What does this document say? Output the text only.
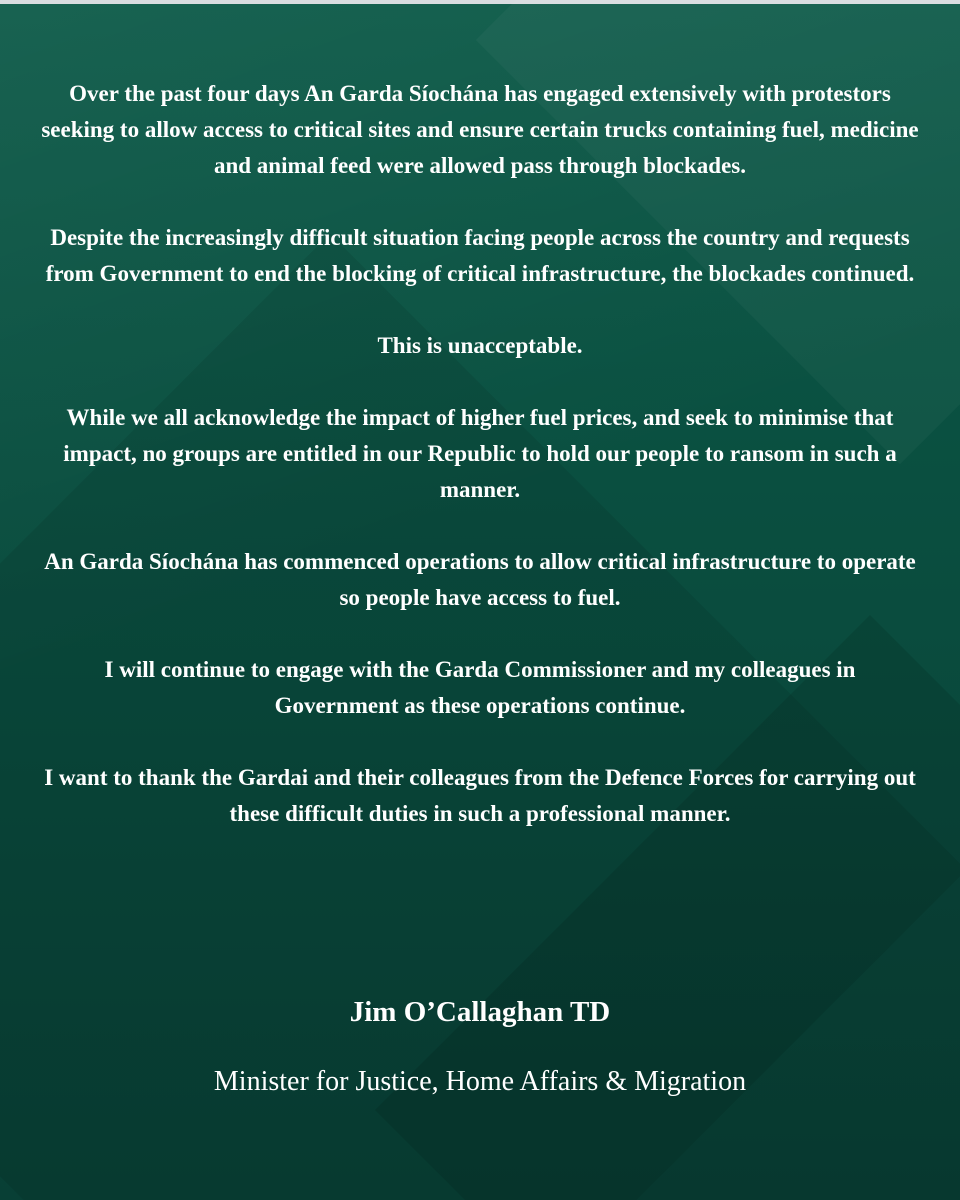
Over the past four days An Garda Síochána has engaged extensively with protestors seeking to allow access to critical sites and ensure certain trucks containing fuel, medicine and animal feed were allowed pass through blockades.

Despite the increasingly difficult situation facing people across the country and requests from Government to end the blocking of critical infrastructure, the blockades continued.

This is unacceptable.

While we all acknowledge the impact of higher fuel prices, and seek to minimise that impact, no groups are entitled in our Republic to hold our people to ransom in such a manner.

An Garda Síochána has commenced operations to allow critical infrastructure to operate so people have access to fuel.

I will continue to engage with the Garda Commissioner and my colleagues in Government as these operations continue.

I want to thank the Gardai and their colleagues from the Defence Forces for carrying out these difficult duties in such a professional manner.

Jim O’Callaghan TD

Minister for Justice, Home Affairs & Migration
